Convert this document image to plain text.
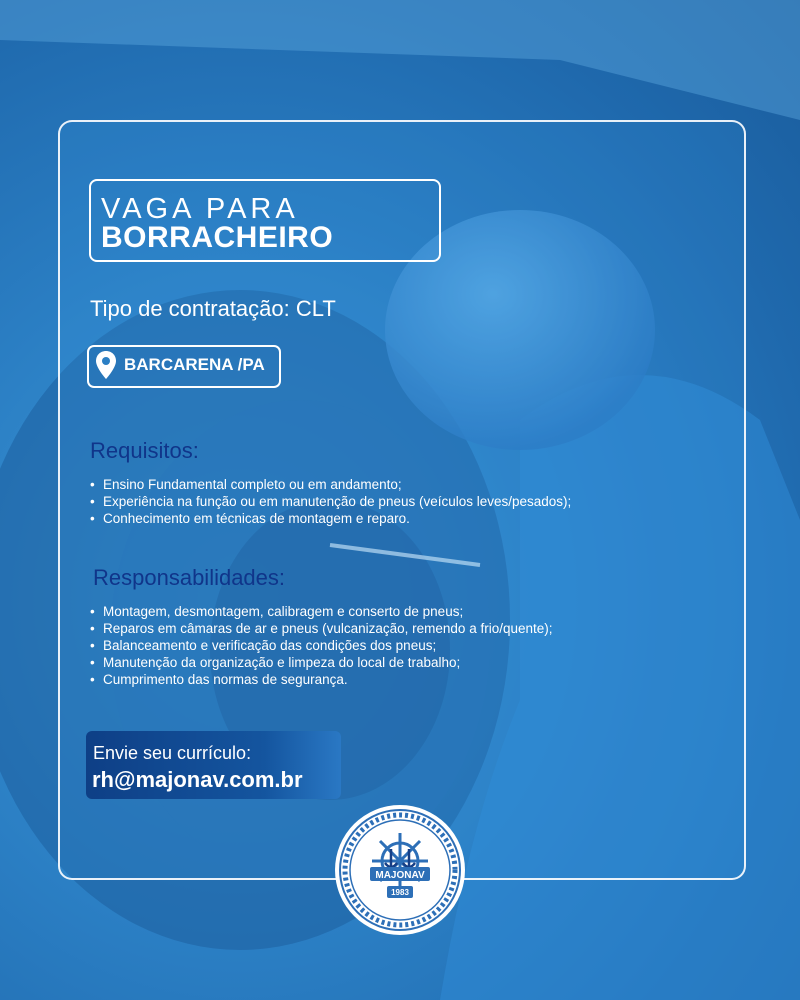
VAGA PARA
BORRACHEIRO
Tipo de contratação: CLT
BARCARENA /PA
Requisitos:
• Ensino Fundamental completo ou em andamento;
• Experiência na função ou em manutenção de pneus (veículos leves/pesados);
• Conhecimento em técnicas de montagem e reparo.
Responsabilidades:
• Montagem, desmontagem, calibragem e conserto de pneus;
• Reparos em câmaras de ar e pneus (vulcanização, remendo a frio/quente);
• Balanceamento e verificação das condições dos pneus;
• Manutenção da organização e limpeza do local de trabalho;
• Cumprimento das normas de segurança.
Envie seu currículo:
rh@majonav.com.br
MAJONAV
1983
